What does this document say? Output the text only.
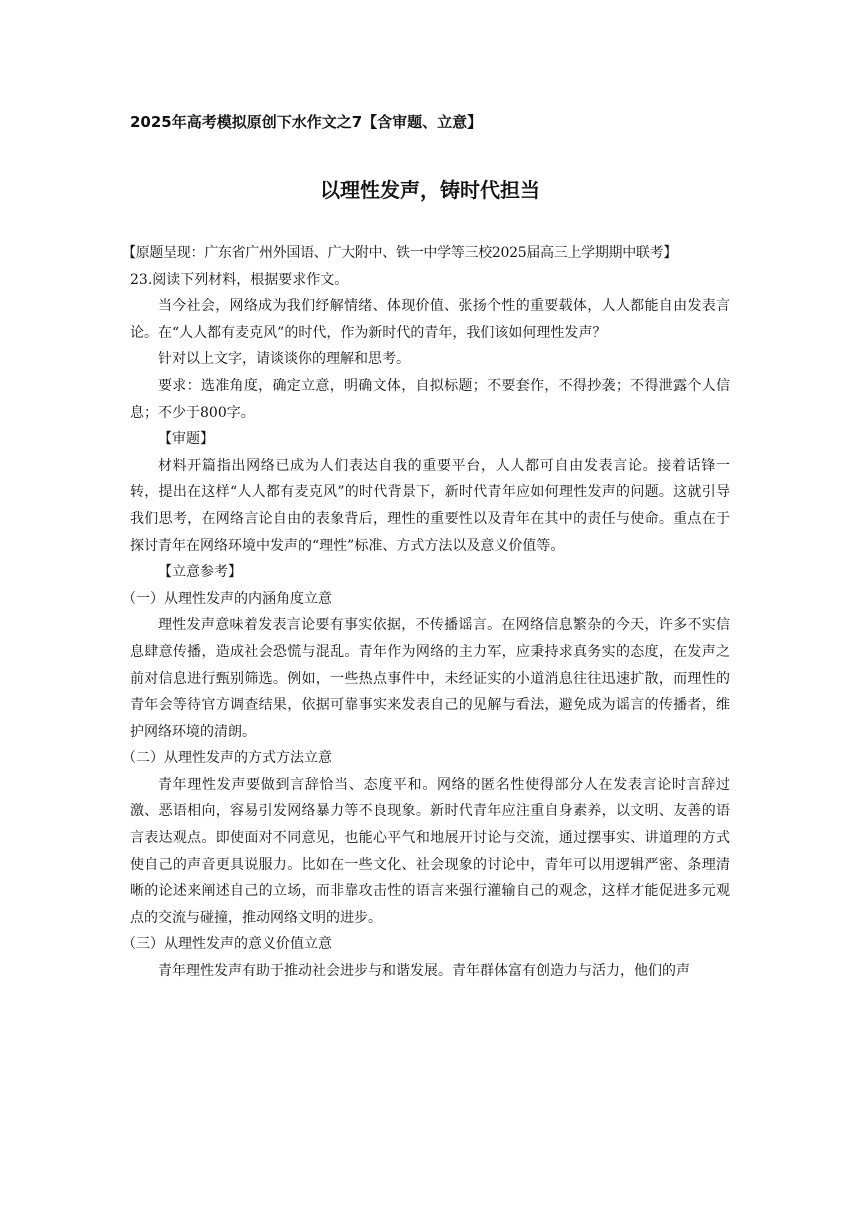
2025年高考模拟原创下水作文之7【含审题、立意】
以理性发声，铸时代担当

【原题呈现：广东省广州外国语、广大附中、铁一中学等三校2025届高三上学期期中联考】

23.阅读下列材料，根据要求作文。

当今社会，网络成为我们纾解情绪、体现价值、张扬个性的重要载体，人人都能自由发表言论。在“人人都有麦克风”的时代，作为新时代的青年，我们该如何理性发声？

针对以上文字，请谈谈你的理解和思考。

要求：选准角度，确定立意，明确文体，自拟标题；不要套作，不得抄袭；不得泄露个人信息；不少于800字。

【审题】

材料开篇指出网络已成为人们表达自我的重要平台，人人都可自由发表言论。接着话锋一转，提出在这样“人人都有麦克风”的时代背景下，新时代青年应如何理性发声的问题。这就引导我们思考，在网络言论自由的表象背后，理性的重要性以及青年在其中的责任与使命。重点在于探讨青年在网络环境中发声的“理性”标准、方式方法以及意义价值等。

【立意参考】

（一）从理性发声的内涵角度立意

理性发声意味着发表言论要有事实依据，不传播谣言。在网络信息繁杂的今天，许多不实信息肆意传播，造成社会恐慌与混乱。青年作为网络的主力军，应秉持求真务实的态度，在发声之前对信息进行甄别筛选。例如，一些热点事件中，未经证实的小道消息往往迅速扩散，而理性的青年会等待官方调查结果，依据可靠事实来发表自己的见解与看法，避免成为谣言的传播者，维护网络环境的清朗。

（二）从理性发声的方式方法立意

青年理性发声要做到言辞恰当、态度平和。网络的匿名性使得部分人在发表言论时言辞过激、恶语相向，容易引发网络暴力等不良现象。新时代青年应注重自身素养，以文明、友善的语言表达观点。即使面对不同意见，也能心平气和地展开讨论与交流，通过摆事实、讲道理的方式使自己的声音更具说服力。比如在一些文化、社会现象的讨论中，青年可以用逻辑严密、条理清晰的论述来阐述自己的立场，而非靠攻击性的语言来强行灌输自己的观念，这样才能促进多元观点的交流与碰撞，推动网络文明的进步。

（三）从理性发声的意义价值立意

青年理性发声有助于推动社会进步与和谐发展。青年群体富有创造力与活力，他们的声
